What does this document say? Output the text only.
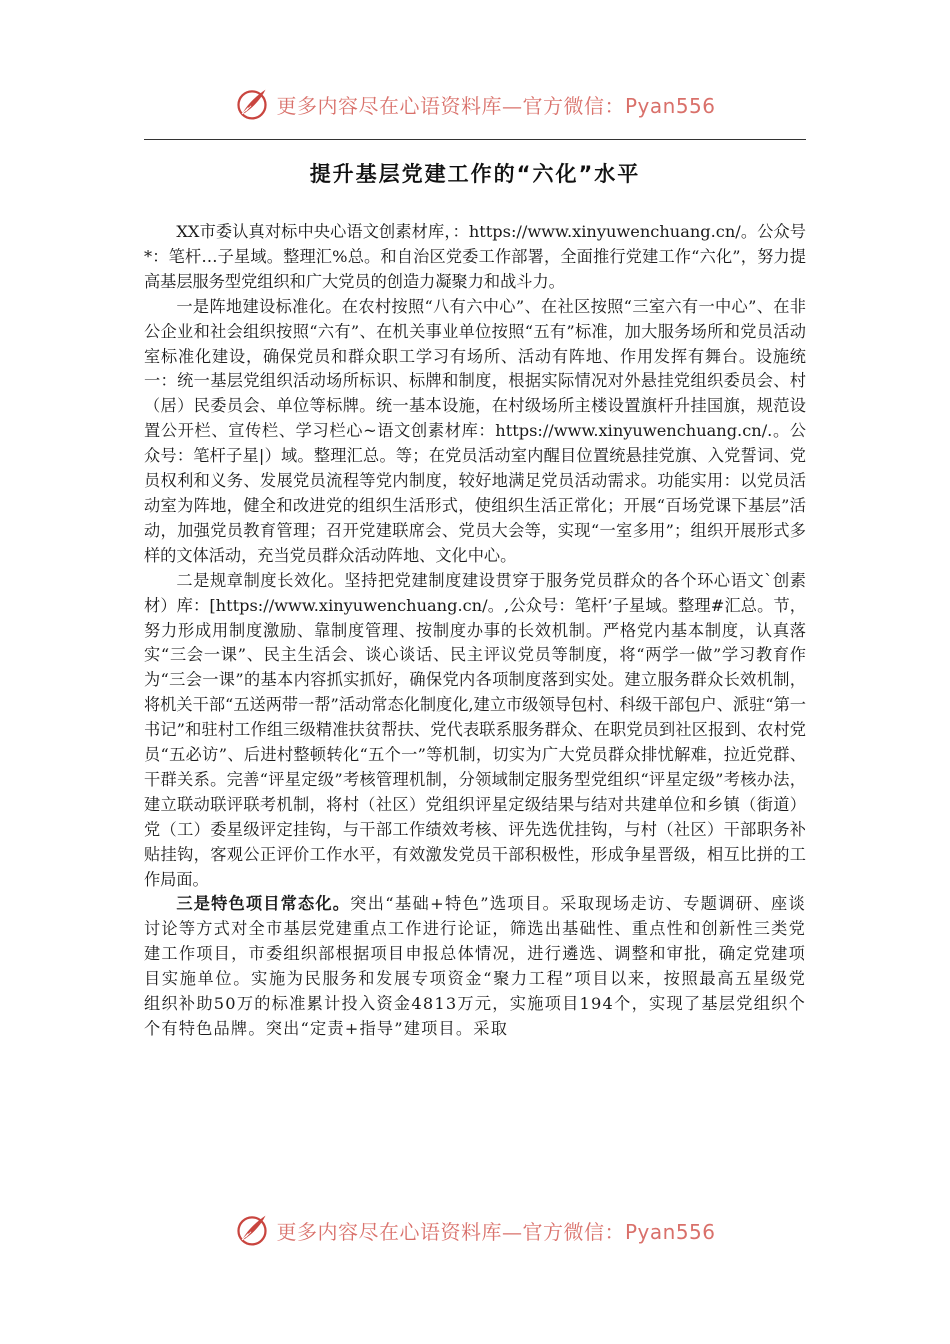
更多内容尽在心语资料库—官方微信：Pyan556
提升基层党建工作的“六化”水平

XX市委认真对标中央心语文创素材库，：https://www.xinyuwenchuang.cn/。公众号*：笔杆…子星域。整理汇%总。和自治区党委工作部署，全面推行党建工作“六化”，努力提高基层服务型党组织和广大党员的创造力凝聚力和战斗力。

一是阵地建设标准化。在农村按照“八有六中心”、在社区按照“三室六有一中心”、在非公企业和社会组织按照“六有”、在机关事业单位按照“五有”标准，加大服务场所和党员活动室标准化建设，确保党员和群众职工学习有场所、活动有阵地、作用发挥有舞台。设施统一：统一基层党组织活动场所标识、标牌和制度，根据实际情况对外悬挂党组织委员会、村（居）民委员会、单位等标牌。统一基本设施，在村级场所主楼设置旗杆升挂国旗，规范设置公开栏、宣传栏、学习栏心~语文创素材库：https://www.xinyuwenchuang.cn/.。公众号：笔杆子星|）域。整理汇总。等；在党员活动室内醒目位置统悬挂党旗、入党誓词、党员权利和义务、发展党员流程等党内制度，较好地满足党员活动需求。功能实用：以党员活动室为阵地，健全和改进党的组织生活形式，使组织生活正常化；开展“百场党课下基层”活动，加强党员教育管理；召开党建联席会、党员大会等，实现“一室多用”；组织开展形式多样的文体活动，充当党员群众活动阵地、文化中心。

二是规章制度长效化。坚持把党建制度建设贯穿于服务党员群众的各个环心语文`创素材）库：[https://www.xinyuwenchuang.cn/。,公众号：笔杆’子星域。整理#汇总。节，努力形成用制度激励、靠制度管理、按制度办事的长效机制。严格党内基本制度，认真落实“三会一课”、民主生活会、谈心谈话、民主评议党员等制度，将“两学一做”学习教育作为“三会一课”的基本内容抓实抓好，确保党内各项制度落到实处。建立服务群众长效机制，将机关干部“五送两带一帮”活动常态化制度化,建立市级领导包村、科级干部包户、派驻“第一书记”和驻村工作组三级精准扶贫帮扶、党代表联系服务群众、在职党员到社区报到、农村党员“五必访”、后进村整顿转化“五个一”等机制，切实为广大党员群众排忧解难，拉近党群、干群关系。完善“评星定级”考核管理机制，分领域制定服务型党组织“评星定级”考核办法，建立联动联评联考机制，将村（社区）党组织评星定级结果与结对共建单位和乡镇（街道）党（工）委星级评定挂钩，与干部工作绩效考核、评先选优挂钩，与村（社区）干部职务补贴挂钩，客观公正评价工作水平，有效激发党员干部积极性，形成争星晋级，相互比拼的工作局面。

三是特色项目常态化。突出“基础+特色”选项目。采取现场走访、专题调研、座谈讨论等方式对全市基层党建重点工作进行论证，筛选出基础性、重点性和创新性三类党建工作项目，市委组织部根据项目申报总体情况，进行遴选、调整和审批，确定党建项目实施单位。实施为民服务和发展专项资金“聚力工程”项目以来，按照最高五星级党组织补助50万的标准累计投入资金4813万元，实施项目194个，实现了基层党组织个个有特色品牌。突出“定责+指导”建项目。采取

更多内容尽在心语资料库—官方微信：Pyan556
